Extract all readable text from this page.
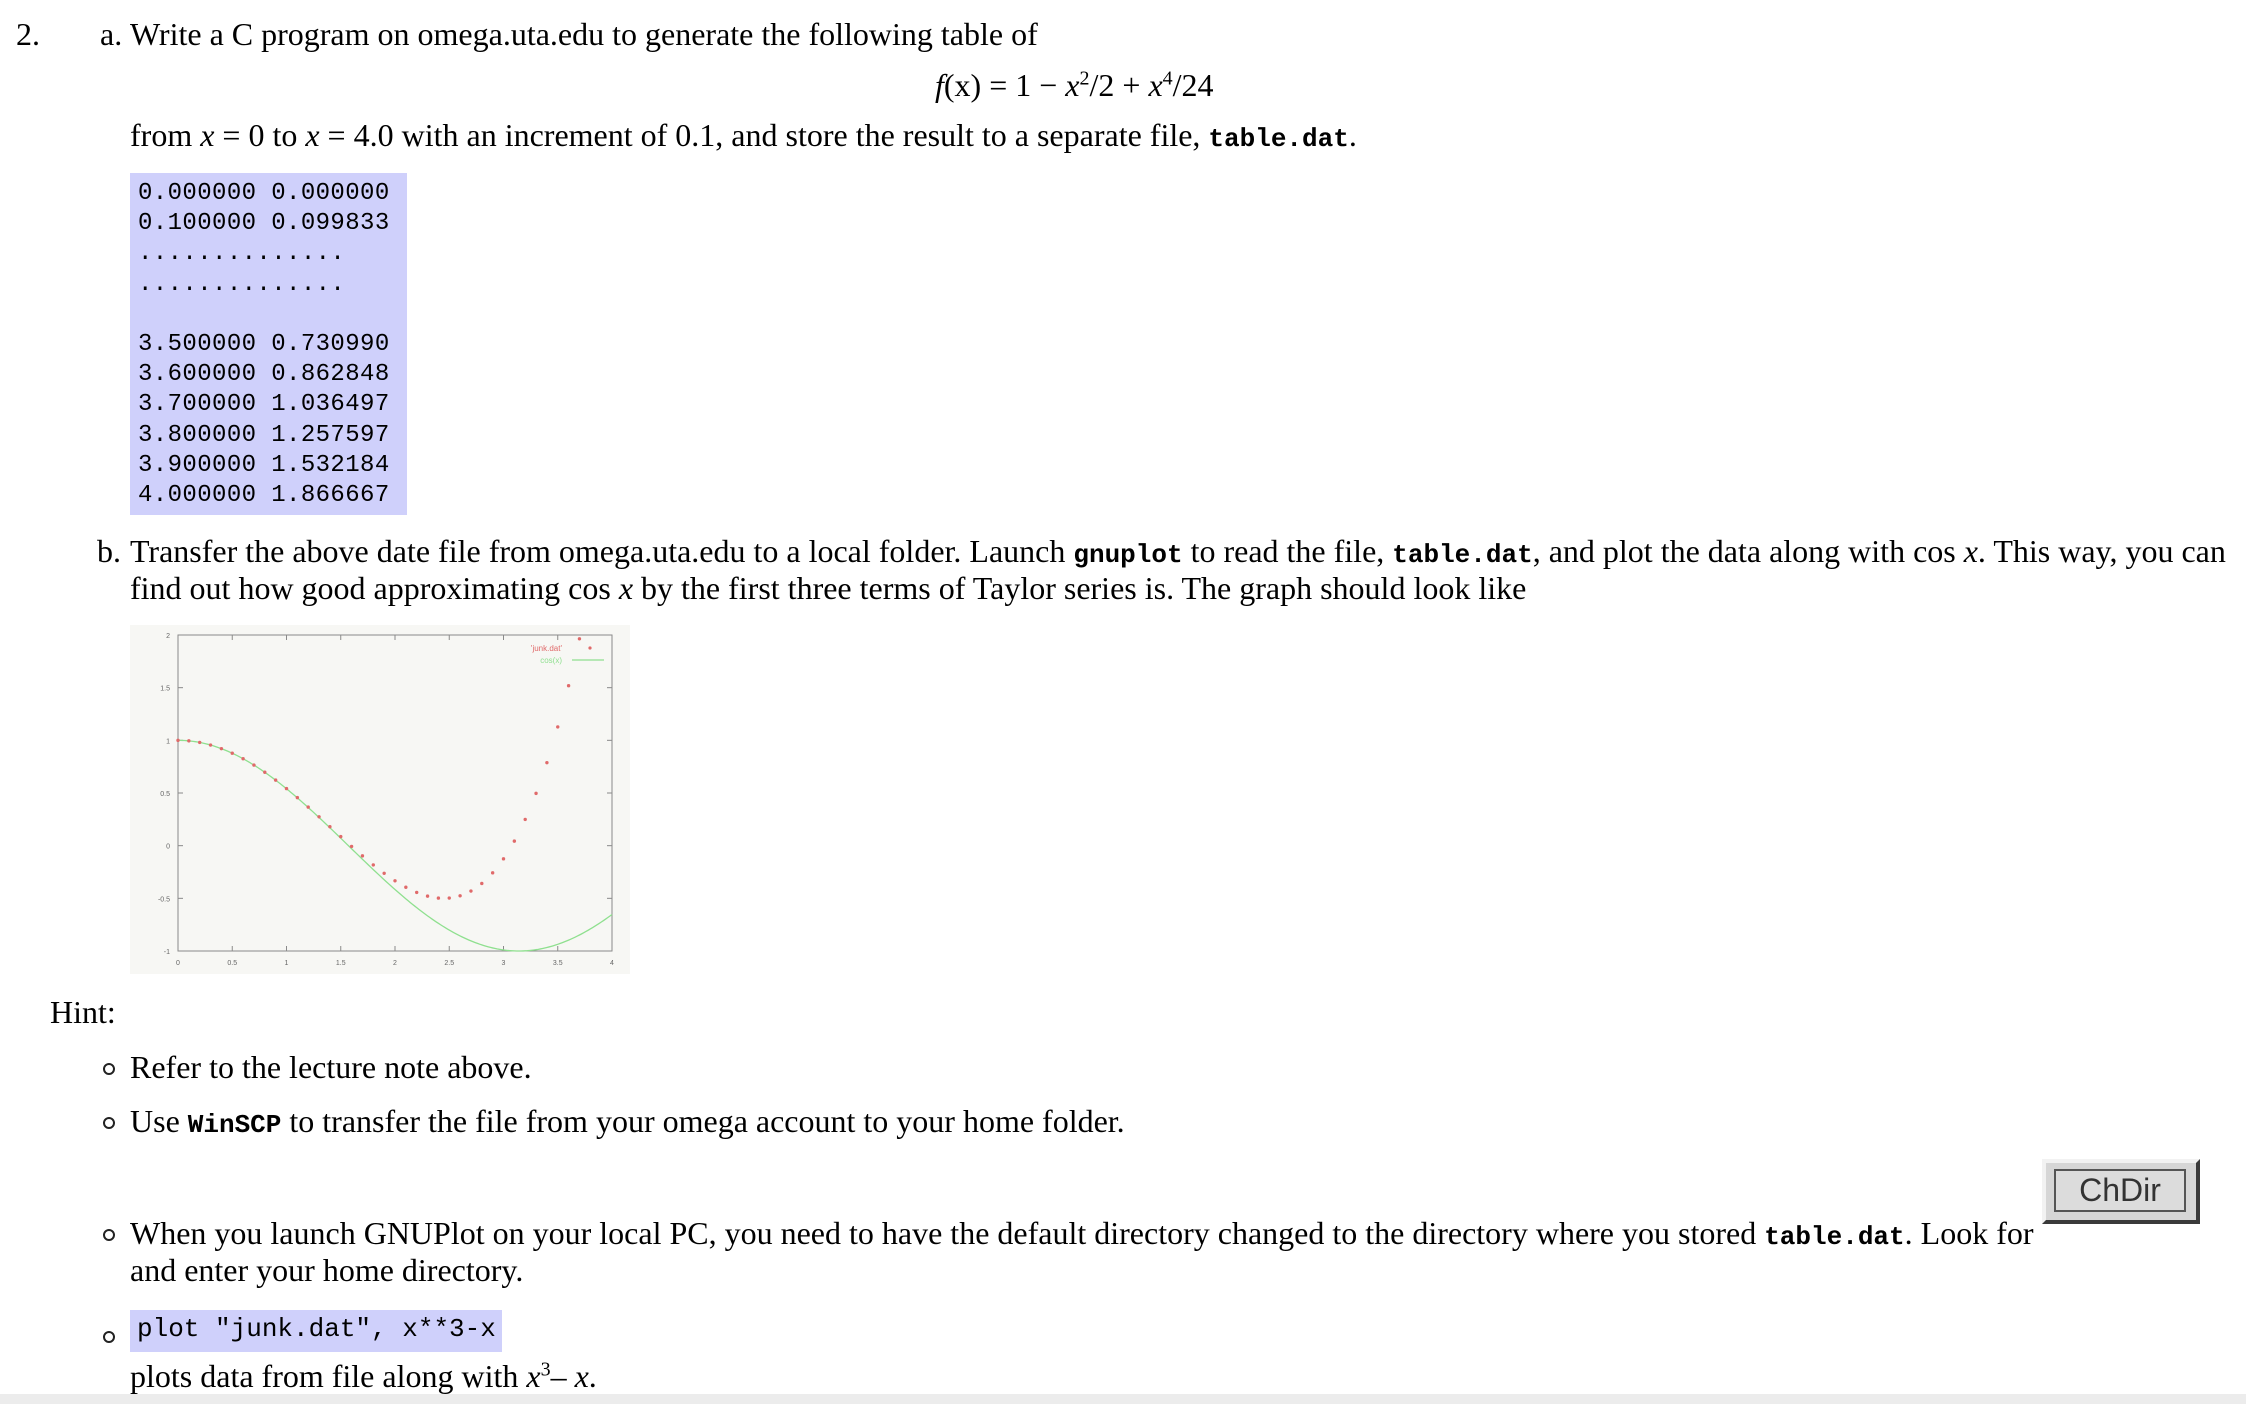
2. a. Write a C program on omega.uta.edu to generate the following table of
$f(x) = 1 - x^2/2 + x^4/24$
from x = 0 to x = 4.0 with an increment of 0.1, and store the result to a separate file, table.dat.
0.000000 0.000000
0.100000 0.099833
..............
..............
3.500000 0.730990
3.600000 0.862848
3.700000 1.036497
3.800000 1.257597
3.900000 1.532184
4.000000 1.866667
b. Transfer the above date file from omega.uta.edu to a local folder. Launch gnuplot to read the file, table.dat, and plot the data along with cos x. This way, you can
find out how good approximating cos x by the first three terms of Taylor series is. The graph should look like
2
1.5
1
0.5
0
-0.5
-1
0	0.5	1	1.5	2	2.5	3	3.5	4
'junk.dat'
cos(x)
Hint:
Refer to the lecture note above.
Use WinSCP to transfer the file from your omega account to your home folder.
ChDir
When you launch GNUPlot on your local PC, you need to have the default directory changed to the directory where you stored table.dat. Look for
and enter your home directory.
plot "junk.dat", x**3-x
plots data from file along with $x^3-$ x.
